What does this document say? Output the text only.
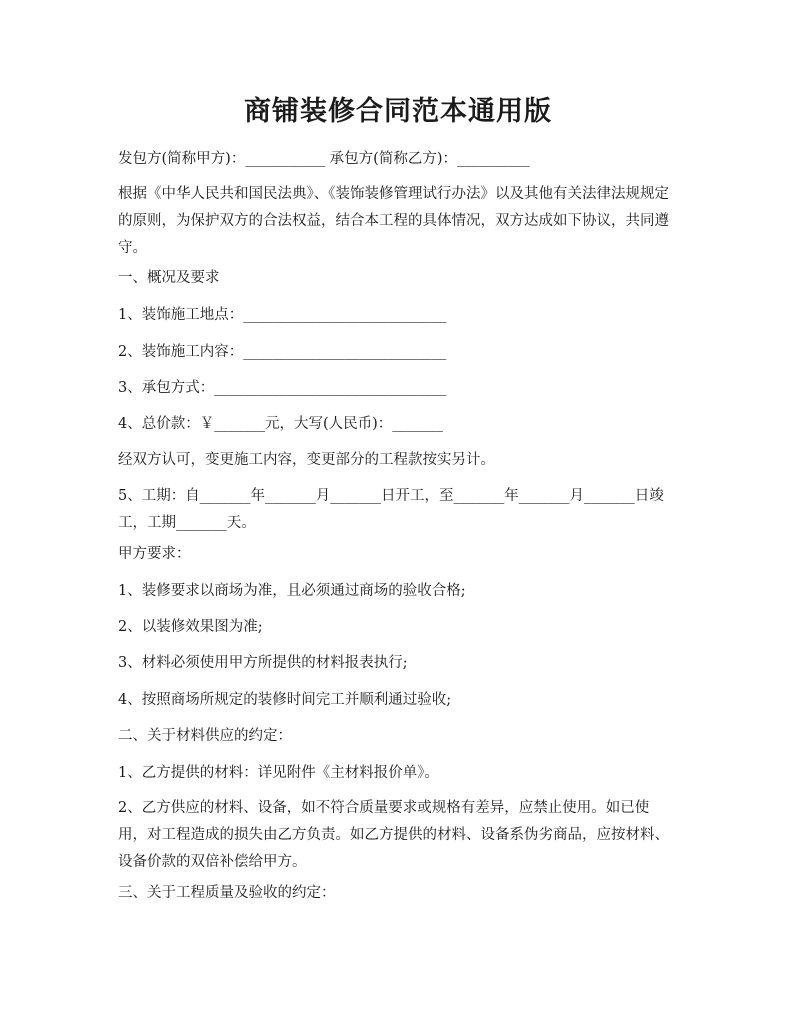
商铺装修合同范本通用版
发包方(简称甲方)：___________ 承包方(简称乙方)：__________
根据《中华人民共和国民法典》、《装饰装修管理试行办法》以及其他有关法律法规规定的原则，为保护双方的合法权益，结合本工程的具体情况，双方达成如下协议，共同遵守。
一、概况及要求
1、装饰施工地点：____________________________
2、装饰施工内容：____________________________
3、承包方式：________________________________
4、总价款：￥_______元，大写(人民币)：_______
经双方认可，变更施工内容，变更部分的工程款按实另计。
5、工期：自_______年_______月_______日开工，至_______年_______月_______日竣工，工期_______天。
甲方要求：
1、装修要求以商场为准，且必须通过商场的验收合格;
2、以装修效果图为准;
3、材料必须使用甲方所提供的材料报表执行;
4、按照商场所规定的装修时间完工并顺利通过验收;
二、关于材料供应的约定：
1、乙方提供的材料：详见附件《主材料报价单》。
2、乙方供应的材料、设备，如不符合质量要求或规格有差异，应禁止使用。如已使用，对工程造成的损失由乙方负责。如乙方提供的材料、设备系伪劣商品，应按材料、设备价款的双倍补偿给甲方。
三、关于工程质量及验收的约定：
